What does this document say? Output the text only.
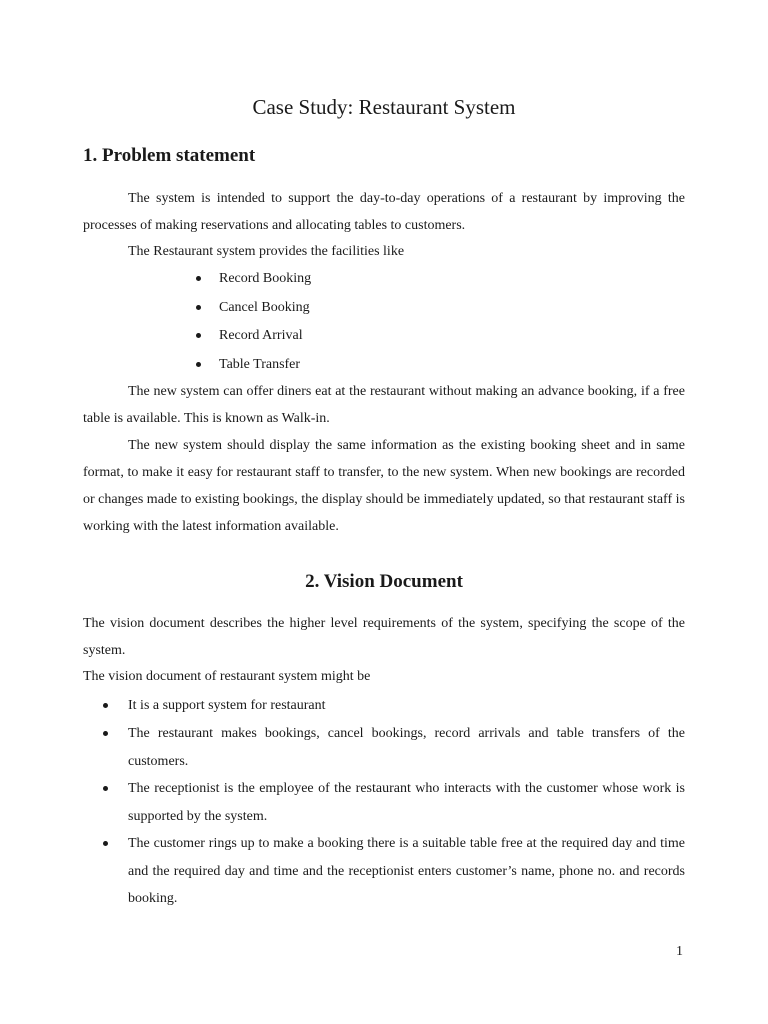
Case Study: Restaurant System
1. Problem statement

The system is intended to support the day-to-day operations of a restaurant by improving the processes of making reservations and allocating tables to customers.

The Restaurant system provides the facilities like

Record Booking
Cancel Booking
Record Arrival
Table Transfer

The new system can offer diners eat at the restaurant without making an advance booking, if a free table is available. This is known as Walk-in.

The new system should display the same information as the existing booking sheet and in same format, to make it easy for restaurant staff to transfer, to the new system. When new bookings are recorded or changes made to existing bookings, the display should be immediately updated, so that restaurant staff is working with the latest information available.

2. Vision Document

The vision document describes the higher level requirements of the system, specifying the scope of the system.

The vision document of restaurant system might be

It is a support system for restaurant
The restaurant makes bookings, cancel bookings, record arrivals and table transfers of the customers.
The receptionist is the employee of the restaurant who interacts with the customer whose work is supported by the system.
The customer rings up to make a booking there is a suitable table free at the required day and time and the required day and time and the receptionist enters customer’s name, phone no. and records booking.
1
